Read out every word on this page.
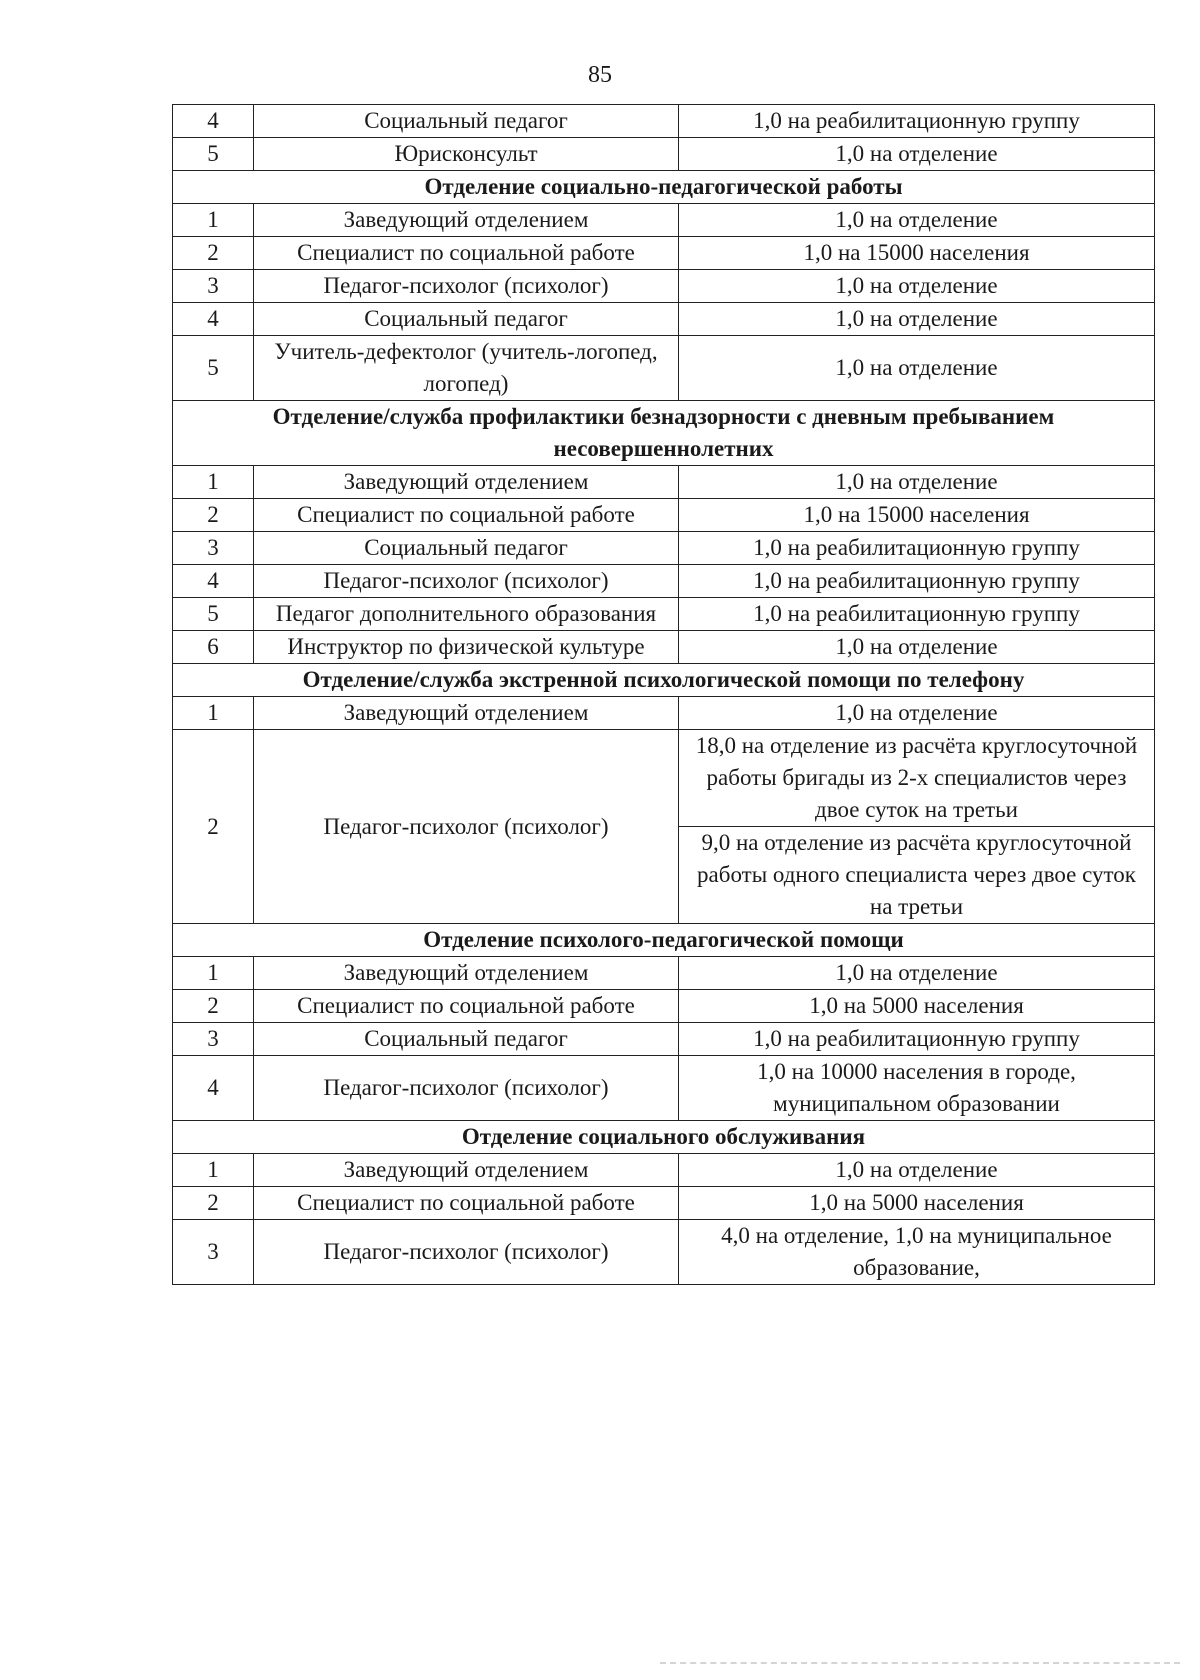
85
4	Социальный педагог	1,0 на реабилитационную группу
5	Юрисконсульт	1,0 на отделение
Отделение социально-педагогической работы		
1	Заведующий отделением	1,0 на отделение
2	Специалист по социальной работе	1,0 на 15000 населения
3	Педагог-психолог (психолог)	1,0 на отделение
4	Социальный педагог	1,0 на отделение
5	Учитель-дефектолог (учитель-логопед, логопед)	1,0 на отделение
Отделение/служба профилактики безнадзорности с дневным пребыванием несовершеннолетних		
1	Заведующий отделением	1,0 на отделение
2	Специалист по социальной работе	1,0 на 15000 населения
3	Социальный педагог	1,0 на реабилитационную группу
4	Педагог-психолог (психолог)	1,0 на реабилитационную группу
5	Педагог дополнительного образования	1,0 на реабилитационную группу
6	Инструктор по физической культуре	1,0 на отделение
Отделение/служба экстренной психологической помощи по телефону		
1	Заведующий отделением	1,0 на отделение
2	Педагог-психолог (психолог)	18,0 на отделение из расчёта круглосуточной работы бригады из 2-х специалистов через двое суток на третьи
		9,0 на отделение из расчёта круглосуточной работы одного специалиста через двое суток на третьи
Отделение психолого-педагогической помощи		
1	Заведующий отделением	1,0 на отделение
2	Специалист по социальной работе	1,0 на 5000 населения
3	Социальный педагог	1,0 на реабилитационную группу
4	Педагог-психолог (психолог)	1,0 на 10000 населения в городе, муниципальном образовании
Отделение социального обслуживания		
1	Заведующий отделением	1,0 на отделение
2	Специалист по социальной работе	1,0 на 5000 населения
3	Педагог-психолог (психолог)	4,0 на отделение, 1,0 на муниципальное образование,
